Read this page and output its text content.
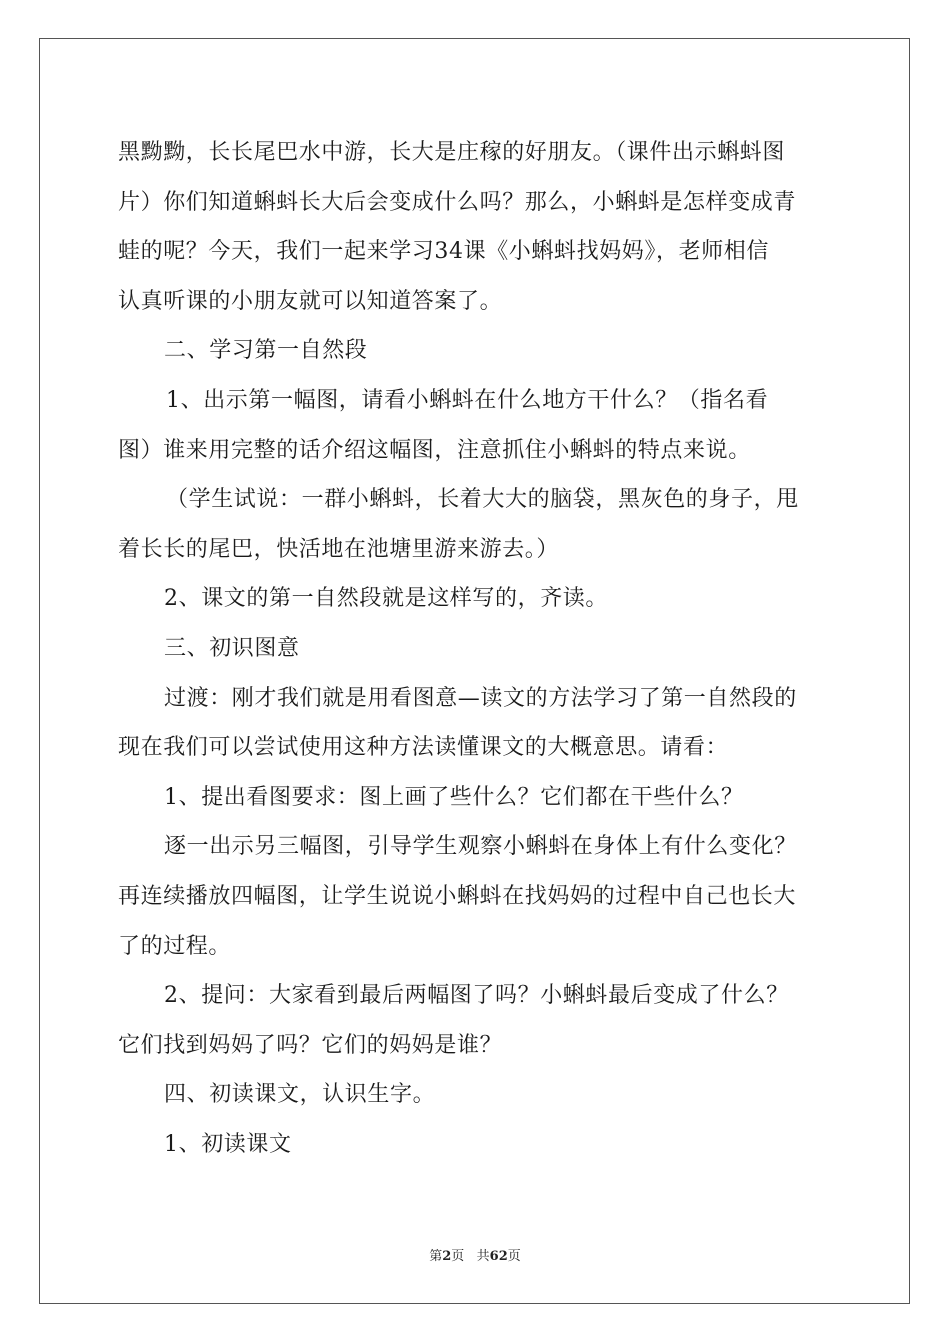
黑黝黝，长长尾巴水中游，长大是庄稼的好朋友。（课件出示蝌蚪图
片）你们知道蝌蚪长大后会变成什么吗？那么，小蝌蚪是怎样变成青
蛙的呢？今天，我们一起来学习34课《小蝌蚪找妈妈》，老师相信
认真听课的小朋友就可以知道答案了。
二、学习第一自然段
1、出示第一幅图，请看小蝌蚪在什么地方干什么？（指名看
图）谁来用完整的话介绍这幅图，注意抓住小蝌蚪的特点来说。
（学生试说：一群小蝌蚪，长着大大的脑袋，黑灰色的身子，甩
着长长的尾巴，快活地在池塘里游来游去。）
2、课文的第一自然段就是这样写的，齐读。
三、初识图意
过渡：刚才我们就是用看图意—读文的方法学习了第一自然段的
现在我们可以尝试使用这种方法读懂课文的大概意思。请看：
1、提出看图要求：图上画了些什么？它们都在干些什么？
逐一出示另三幅图，引导学生观察小蝌蚪在身体上有什么变化？
再连续播放四幅图，让学生说说小蝌蚪在找妈妈的过程中自己也长大
了的过程。
2、提问：大家看到最后两幅图了吗？小蝌蚪最后变成了什么？
它们找到妈妈了吗？它们的妈妈是谁？
四、初读课文，认识生字。
1、初读课文
第2页   共62页
